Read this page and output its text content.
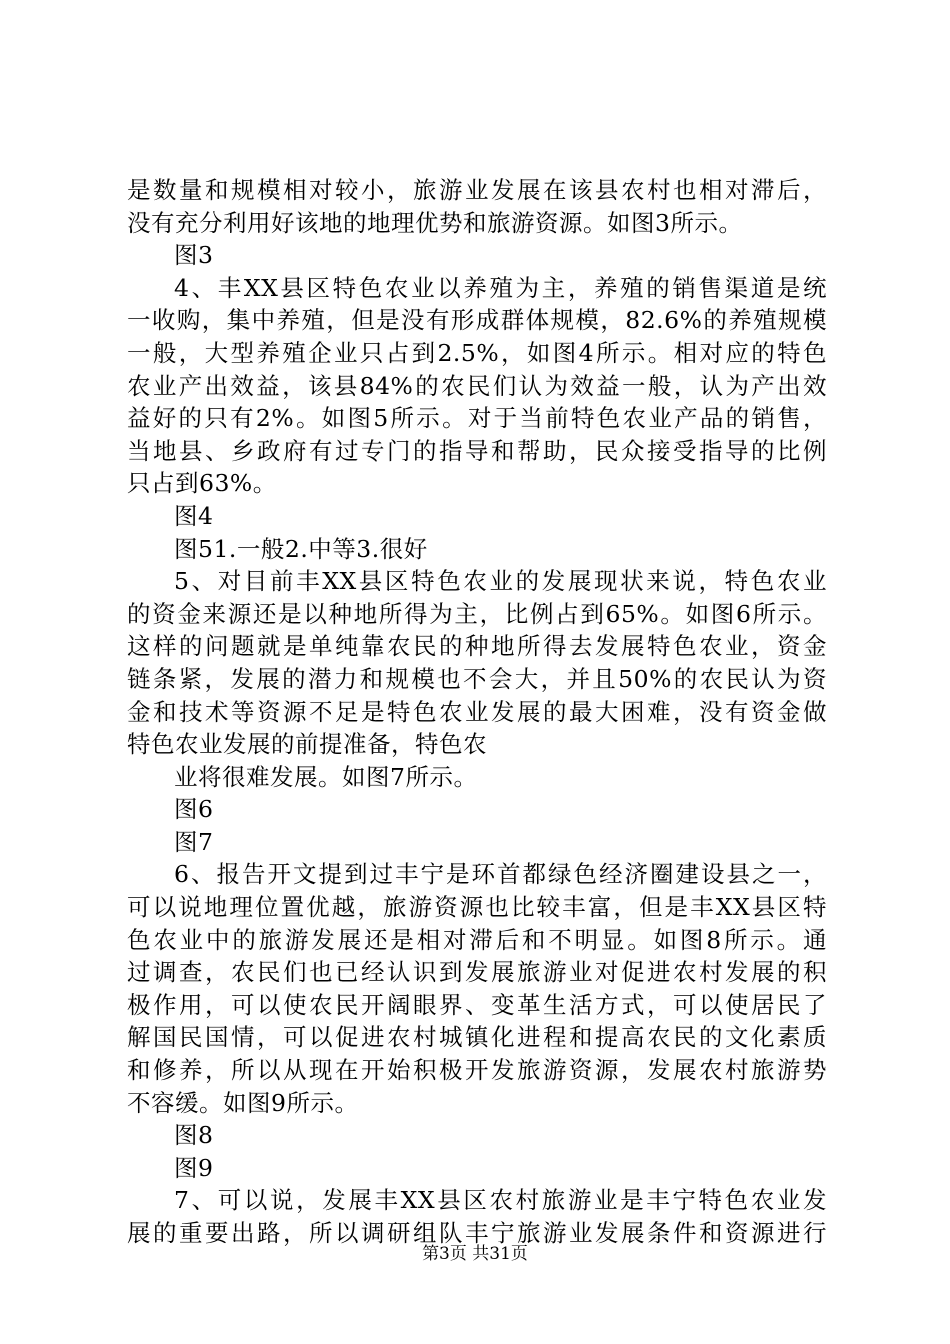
是数量和规模相对较小，旅游业发展在该县农村也相对滞后，
没有充分利用好该地的地理优势和旅游资源。如图3所示。
图3
4、丰XX县区特色农业以养殖为主，养殖的销售渠道是统
一收购，集中养殖，但是没有形成群体规模，82.6%的养殖规模
一般，大型养殖企业只占到2.5%，如图4所示。相对应的特色
农业产出效益，该县84%的农民们认为效益一般，认为产出效
益好的只有2%。如图5所示。对于当前特色农业产品的销售，
当地县、乡政府有过专门的指导和帮助，民众接受指导的比例
只占到63%。
图4
图51.一般2.中等3.很好
5、对目前丰XX县区特色农业的发展现状来说，特色农业
的资金来源还是以种地所得为主，比例占到65%。如图6所示。
这样的问题就是单纯靠农民的种地所得去发展特色农业，资金
链条紧，发展的潜力和规模也不会大，并且50%的农民认为资
金和技术等资源不足是特色农业发展的最大困难，没有资金做
特色农业发展的前提准备，特色农
业将很难发展。如图7所示。
图6
图7
6、报告开文提到过丰宁是环首都绿色经济圈建设县之一，
可以说地理位置优越，旅游资源也比较丰富，但是丰XX县区特
色农业中的旅游发展还是相对滞后和不明显。如图8所示。通
过调查，农民们也已经认识到发展旅游业对促进农村发展的积
极作用，可以使农民开阔眼界、变革生活方式，可以使居民了
解国民国情，可以促进农村城镇化进程和提高农民的文化素质
和修养，所以从现在开始积极开发旅游资源，发展农村旅游势
不容缓。如图9所示。
图8
图9
7、可以说，发展丰XX县区农村旅游业是丰宁特色农业发
展的重要出路，所以调研组队丰宁旅游业发展条件和资源进行
第3页 共31页
